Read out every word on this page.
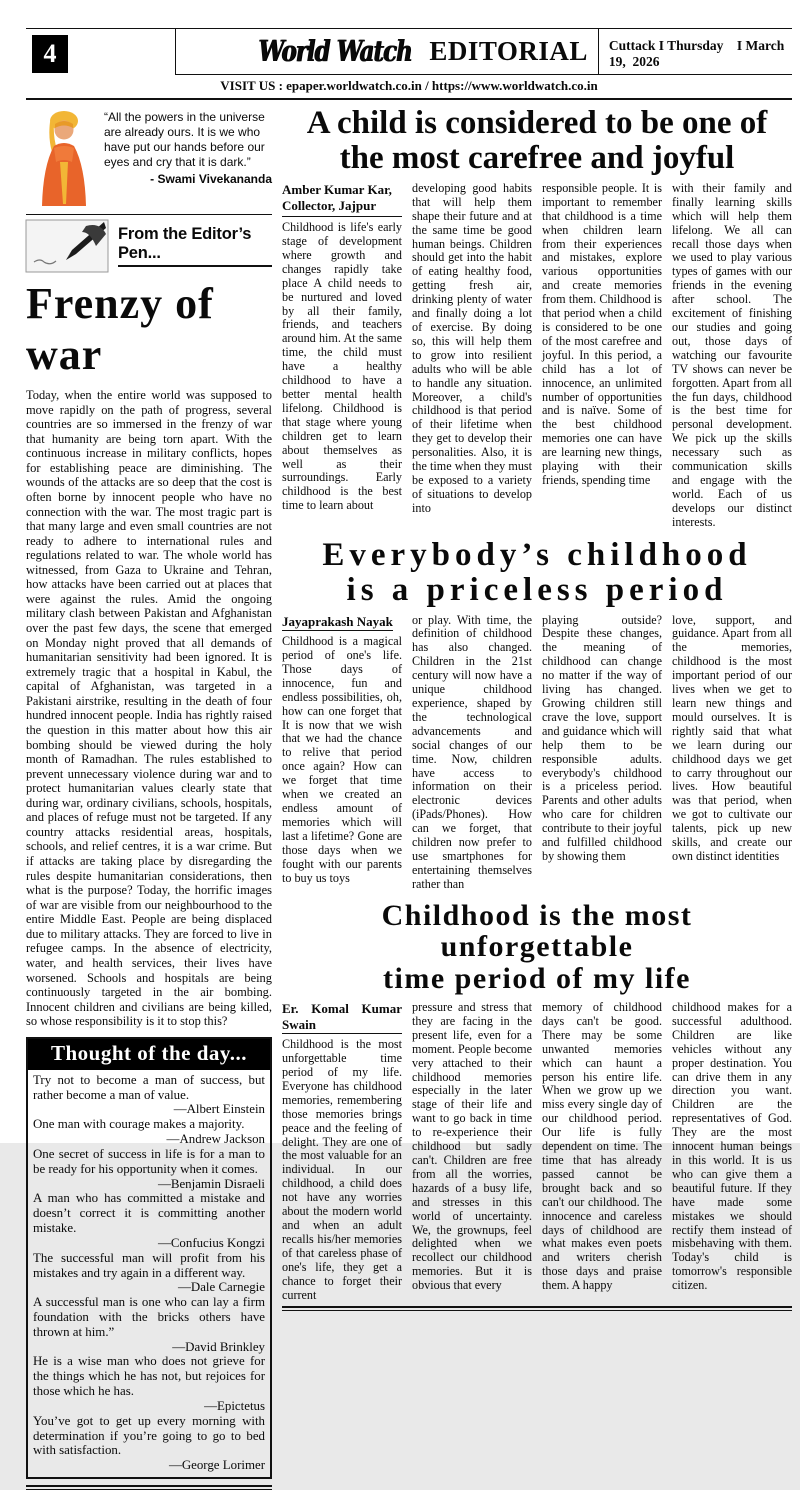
4	World Watch EDITORIAL	Cuttack I Thursday    I March 19,  2026
VISIT US : epaper.worldwatch.co.in / https://www.worldwatch.co.in
“All the powers in the universe are already ours. It is we who have put our hands before our eyes and cry that it is dark.”
- Swami Vivekananda
From the Editor’s Pen...
Frenzy of war

Today, when the entire world was supposed to move rapidly on the path of progress, several countries are so immersed in the frenzy of war that humanity are being torn apart. With the continuous increase in military conflicts, hopes for establishing peace are diminishing. The wounds of the attacks are so deep that the cost is often borne by innocent people who have no connection with the war. The most tragic part is that many large and even small countries are not ready to adhere to international rules and regulations related to war. The whole world has witnessed, from Gaza to Ukraine and Tehran, how attacks have been carried out at places that were against the rules. Amid the ongoing military clash between Pakistan and Afghanistan over the past few days, the scene that emerged on Monday night proved that all demands of humanitarian sensitivity had been ignored. It is extremely tragic that a hospital in Kabul, the capital of Afghanistan, was targeted in a Pakistani airstrike, resulting in the death of four hundred innocent people. India has rightly raised the question in this matter about how this air bombing should be viewed during the holy month of Ramadhan. The rules established to prevent unnecessary violence during war and to protect humanitarian values clearly state that during war, ordinary civilians, schools, hospitals, and places of refuge must not be targeted. If any country attacks residential areas, hospitals, schools, and relief centres, it is a war crime. But if attacks are taking place by disregarding the rules despite humanitarian considerations, then what is the purpose? Today, the horrific images of war are visible from our neighbourhood to the entire Middle East. People are being displaced due to military attacks. They are forced to live in refugee camps. In the absence of electricity, water, and health services, their lives have worsened. Schools and hospitals are being continuously targeted in the air bombing. Innocent children and civilians are being killed, so whose responsibility is it to stop this?

Thought of the day...
Try not to become a man of success, but rather become a man of value.
—Albert Einstein
One man with courage makes a majority.
—Andrew Jackson
One secret of success in life is for a man to be ready for his opportunity when it comes.
—Benjamin Disraeli
A man who has committed a mistake and doesn’t correct it is committing another mistake.
—Confucius Kongzi
The successful man will profit from his mistakes and try again in a different way.
—Dale Carnegie
A successful man is one who can lay a firm foundation with the bricks others have thrown at him.”
—David Brinkley
He is a wise man who does not grieve for the things which he has not, but rejoices for those which he has.
—Epictetus
You’ve got to get up every morning with determination if you’re going to go to bed with satisfaction.
—George Lorimer
A child is considered to be one of
the most carefree and joyful
Amber Kumar Kar,
Collector, Jajpur
Childhood is life's early stage of development where growth and changes rapidly take place A child needs to be nurtured and loved by all their family, friends, and teachers around him. At the same time, the child must have a healthy childhood to have a better mental health lifelong. Childhood is that stage where young children get to learn about themselves as well as their surroundings. Early childhood is the best time to learn about
developing good habits that will help them shape their future and at the same time be good human beings. Children should get into the habit of eating healthy food, getting fresh air, drinking plenty of water and finally doing a lot of exercise. By doing so, this will help them to grow into resilient adults who will be able to handle any situation. Moreover, a child's childhood is that period of their lifetime when they get to develop their personalities. Also, it is the time when they must be exposed to a variety of situations to develop into
responsible people. It is important to remember that childhood is a time when children learn from their experiences and mistakes, explore various opportunities and create memories from them. Childhood is that period when a child is considered to be one of the most carefree and joyful. In this period, a child has a lot of innocence, an unlimited number of opportunities and is naïve. Some of the best childhood memories one can have are learning new things, playing with their friends, spending time
with their family and finally learning skills which will help them lifelong. We all can recall those days when we used to play various types of games with our friends in the evening after school. The excitement of finishing our studies and going out, those days of watching our favourite TV shows can never be forgotten. Apart from all the fun days, childhood is the best time for personal development. We pick up the skills necessary such as communication skills and engage with the world. Each of us develops our distinct interests.
Everybody’s childhood
is a priceless period
Jayaprakash Nayak
Childhood is a magical period of one's life. Those days of innocence, fun and endless possibilities, oh, how can one forget that It is now that we wish that we had the chance to relive that period once again? How can we forget that time when we created an endless amount of memories which will last a lifetime? Gone are those days when we fought with our parents to buy us toys
or play. With time, the definition of childhood has also changed. Children in the 21st century will now have a unique childhood experience, shaped by the technological advancements and social changes of our time. Now, children have access to information on their electronic devices (iPads/Phones). How can we forget, that children now prefer to use smartphones for entertaining themselves rather than
playing outside? Despite these changes, the meaning of childhood can change no matter if the way of living has changed. Growing children still crave the love, support and guidance which will help them to be responsible adults. everybody's childhood is a priceless period. Parents and other adults who care for children contribute to their joyful and fulfilled childhood by showing them
love, support, and guidance. Apart from all the memories, childhood is the most important period of our lives when we get to learn new things and mould ourselves. It is rightly said that what we learn during our childhood days we get to carry throughout our lives. How beautiful was that period, when we got to cultivate our talents, pick up new skills, and create our own distinct identities
Childhood is the most unforgettable
time period of my life
Er. Komal Kumar Swain
Childhood is the most unforgettable time period of my life. Everyone has childhood memories, remembering those memories brings peace and the feeling of delight. They are one of the most valuable for an individual. In our childhood, a child does not have any worries about the modern world and when an adult recalls his/her memories of that careless phase of one's life, they get a chance to forget their current
pressure and stress that they are facing in the present life, even for a moment. People become very attached to their childhood memories especially in the later stage of their life and want to go back in time to re-experience their childhood but sadly can't. Children are free from all the worries, hazards of a busy life, and stresses in this world of uncertainty. We, the grownups, feel delighted when we recollect our childhood memories. But it is obvious that every
memory of childhood days can't be good. There may be some unwanted memories which can haunt a person his entire life. When we grow up we miss every single day of our childhood period. Our life is fully dependent on time. The time that has already passed cannot be brought back and so can't our childhood. The innocence and careless days of childhood are what makes even poets and writers cherish those days and praise them. A happy
childhood makes for a successful adulthood. Children are like vehicles without any proper destination. You can drive them in any direction you want. Children are the representatives of God. They are the most innocent human beings in this world. It is us who can give them a beautiful future. If they have made some mistakes we should rectify them instead of misbehaving with them. Today's child is tomorrow's responsible citizen.
